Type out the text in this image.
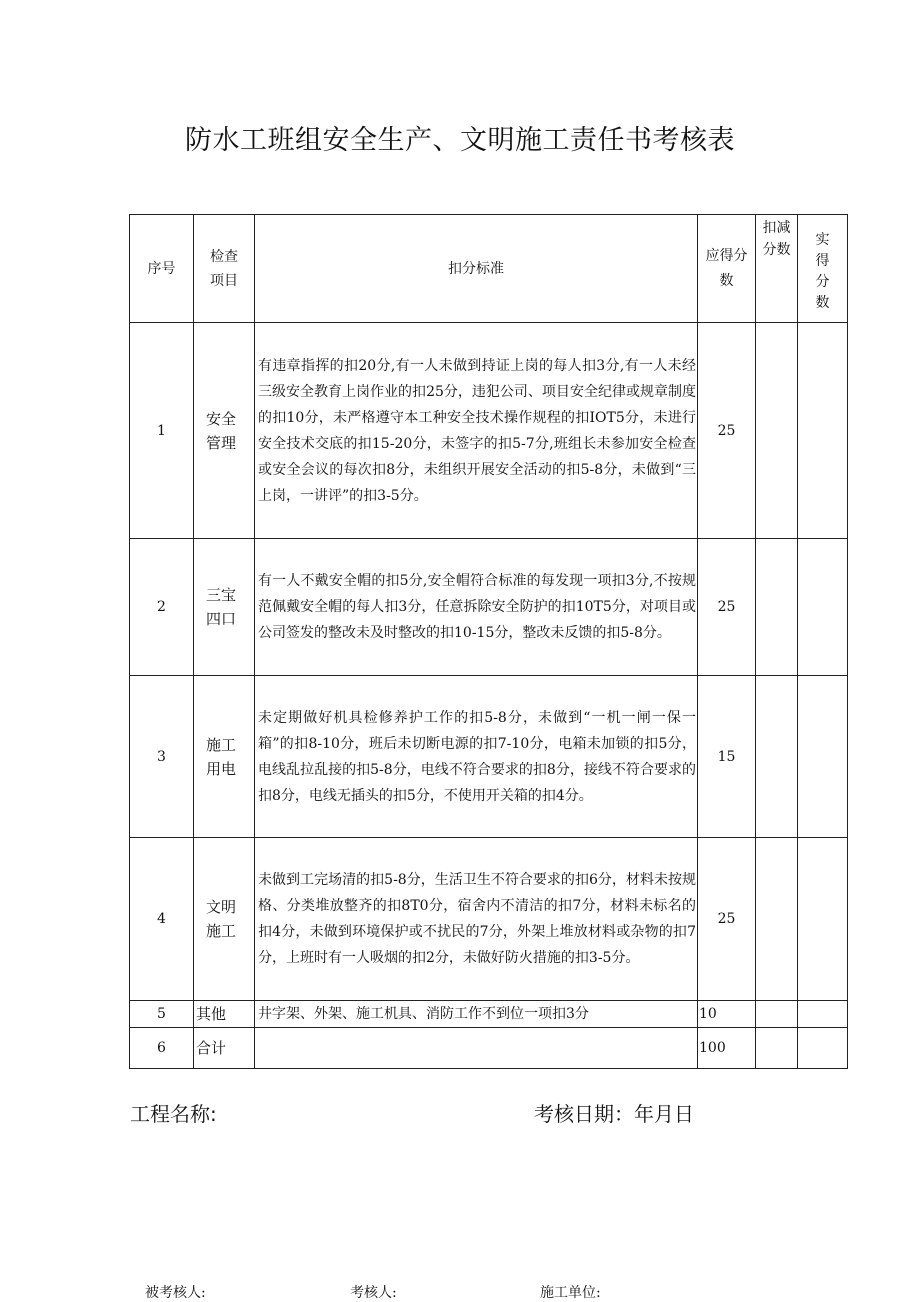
防水工班组安全生产、文明施工责任书考核表
序号	检查项目	扣分标准	应得分数	扣减分数	实得分数

1	安全管理	有违章指挥的扣20分,有一人未做到持证上岗的每人扣3分,有一人未经三级安全教育上岗作业的扣25分，违犯公司、项目安全纪律或规章制度的扣10分，未严格遵守本工种安全技术操作规程的扣IOT5分，未进行安全技术交底的扣15-20分，未签字的扣5-7分,班组长未参加安全检查或安全会议的每次扣8分，未组织开展安全活动的扣5-8分，未做到“三上岗，一讲评”的扣3-5分。	25		
2	三宝四口	有一人不戴安全帽的扣5分,安全帽符合标准的每发现一项扣3分,不按规范佩戴安全帽的每人扣3分，任意拆除安全防护的扣10T5分，对项目或公司签发的整改未及时整改的扣10-15分，整改未反馈的扣5-8分。	25		
3	施工用电	未定期做好机具检修养护工作的扣5-8分，未做到“一机一闸一保一箱”的扣8-10分，班后未切断电源的扣7-10分，电箱未加锁的扣5分，电线乱拉乱接的扣5-8分，电线不符合要求的扣8分，接线不符合要求的扣8分，电线无插头的扣5分，不使用开关箱的扣4分。	15		
4	文明施工	未做到工完场清的扣5-8分，生活卫生不符合要求的扣6分，材料未按规格、分类堆放整齐的扣8T0分，宿舍内不清洁的扣7分，材料未标名的扣4分，未做到环境保护或不扰民的7分，外架上堆放材料或杂物的扣7分，上班时有一人吸烟的扣2分，未做好防火措施的扣3-5分。	25		
5	其他	井字架、外架、施工机具、消防工作不到位一项扣3分	10		
6	合计		100		
工程名称:	考核日期：年月日
被考核人:	考核人:	施工单位:
